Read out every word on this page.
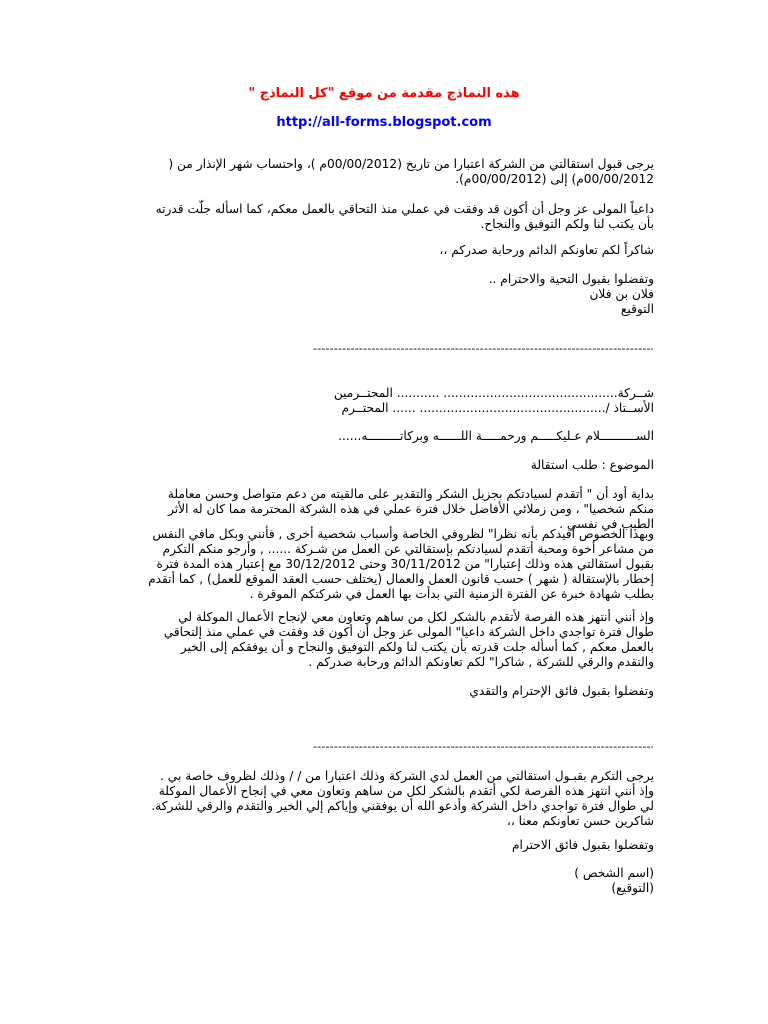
هذه النماذج مقدمة من موقع "كل النماذج "
http://all-forms.blogspot.com

يرجى قبول استقالتي من الشركة اعتبارا من تاريخ (00/00/2012م )، واحتساب شهر الإنذار من (

00/00/2012م) إلى (00/00/2012م).

داعياً المولى عز وجل أن أكون قد وفقت في عملي منذ التحاقي بالعمل معكم، كما اسأله جلّت قدرته

بأن يكتب لنا ولكم التوفيق والنجاح.

شاكراً لكم تعاونكم الدائم ورحابة صدركم ،،

وتفضلوا بقبول التحية والاحترام ..

فلان بن فلان

التوقيع

-----

شــركة............................................. ........... المحتــرمين

الأســتاذ /................................................ ...... المحتــرم

الســــــــــلام عـليكـــــم ورحمـــــة اللــــــه وبركاتـــــــــه......

الموضوع : طلب استقالة

بداية أود أن " أتقدم لسيادتكم بجزيل الشكر والتقدير على مالقيته من دعم متواصل وحسن معاملة

منكم شخصيا" ، ومن زملائي الأفاضل خلال فترة عملي في هذه الشركة المحترمة مما كان له الأثر

الطيب في نفسي .

وبهذا الخصوص أفيدكم بأنه نظرا" لظروفي الخاصة وأسباب شخصية أخرى , فأنني وبكل مافي النفس

من مشاعر أخوة ومحبة أتقدم لسيادتكم بإستقالتي عن العمل من شـركة ...... , وأرجو منكم التكرم

بقبول استقالتي هذه وذلك إعتبارا" من 30/11/2012 وحتى 30/12/2012 مع إعتبار هذه المدة فترة

إخطار بالإستقالة ( شهر ) حسب قانون العمل والعمال (يختلف حسب العقد الموقع للعمل) , كما أتقدم

بطلب شهادة خبرة عن الفترة الزمنية التي بدأت بها العمل في شركتكم الموقرة .

وإذ أنني أنتهز هذه الفرصة لأتقدم بالشكر لكل من ساهم وتعاون معي لإنجاح الأعمال الموكلة لي

طوال فترة تواجدي داخل الشركة داعيا" المولى عز وجل أن أكون قد وفقت في عملي منذ إلتحاقي

بالعمل معكم , كما أسأله جلت قدرته بأن يكتب لنا ولكم التوفيق والنجاح و أن يوفقكم إلى الخير

والتقدم والرقي للشركة , شاكرا" لكم تعاونكم الدائم ورحابة صدركم .

وتفضلوا بقبول فائق الإحترام والتقدي

-----

يرجى التكرم بقبـول استقالتي من العمل لدي الشركة وذلك اعتبارا من / / وذلك لظروف خاصة بي .

وإذ أنني انتهز هذه الفرصة لكي أتقدم بالشكر لكل من ساهم وتعاون معي في إنجاح الأعمال الموكلة

لي طوال فترة تواجدي داخل الشركة وأدعو الله أن يوفقني وإياكم إلي الخير والتقدم والرقي للشركة.

شاكرين حسن تعاونكم معنا ،،

وتفضلوا بقبول فائق الاحترام

(اسم الشخص )

(التوقيع)
